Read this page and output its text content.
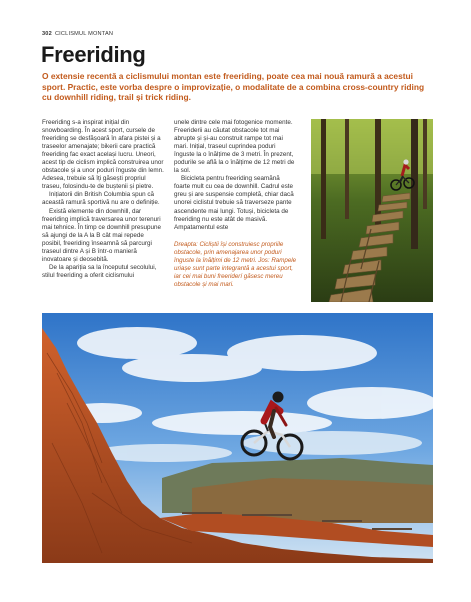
302 CICLISMUL MONTAN
Freeriding
O extensie recentă a ciclismului montan este freeriding, poate cea mai nouă ramură a acestui sport. Practic, este vorba despre o improvizație, o modalitate de a combina cross-country riding cu downhill riding, trail și trick riding.

Freeriding s-a inspirat inițial din snowboarding. În acest sport, cursele de freeriding se desfășoară în afara pistei și a traseelor amenajate; bikerii care practică freeriding fac exact același lucru. Uneori, acest tip de ciclism implică construirea unor obstacole și a unor poduri înguste din lemn. Adesea, trebuie să îți găsești propriul traseu, folosindu-te de buștenii și pietre.

Inițiatorii din British Columbia spun că această ramură sportivă nu are o definiție.

Există elemente din downhill, dar freeriding implică traversarea unor terenuri mai tehnice. În timp ce downhill presupune să ajungi de la A la B cât mai repede posibil, freeriding înseamnă să parcurgi traseul dintre A și B într-o manieră inovatoare și deosebită.

De la apariția sa la începutul secolului, stilul freeriding a oferit ciclismului

unele dintre cele mai fotogenice momente. Freeriderii au căutat obstacole tot mai abrupte și și-au construit rampe tot mai mari. Inițial, traseul cuprindea poduri înguste la o înălțime de 3 metri. În prezent, podurile se află la o înălțime de 12 metri de la sol.

Bicicleta pentru freeriding seamănă foarte mult cu cea de downhill. Cadrul este greu și are suspensie completă, chiar dacă unorei ciclistul trebuie să traverseze pante ascendente mai lungi. Totuși, bicicleta de freeriding nu este atât de masivă. Ampatamentul este

Dreapta: Cicliștii își construiesc propriile obstacole, prin amenajarea unor poduri înguste la înălțimi de 12 metri. Jos: Rampele uriașe sunt parte integrantă a acestui sport, iar cei mai buni freeriderí găsesc mereu obstacole și mai mari.
